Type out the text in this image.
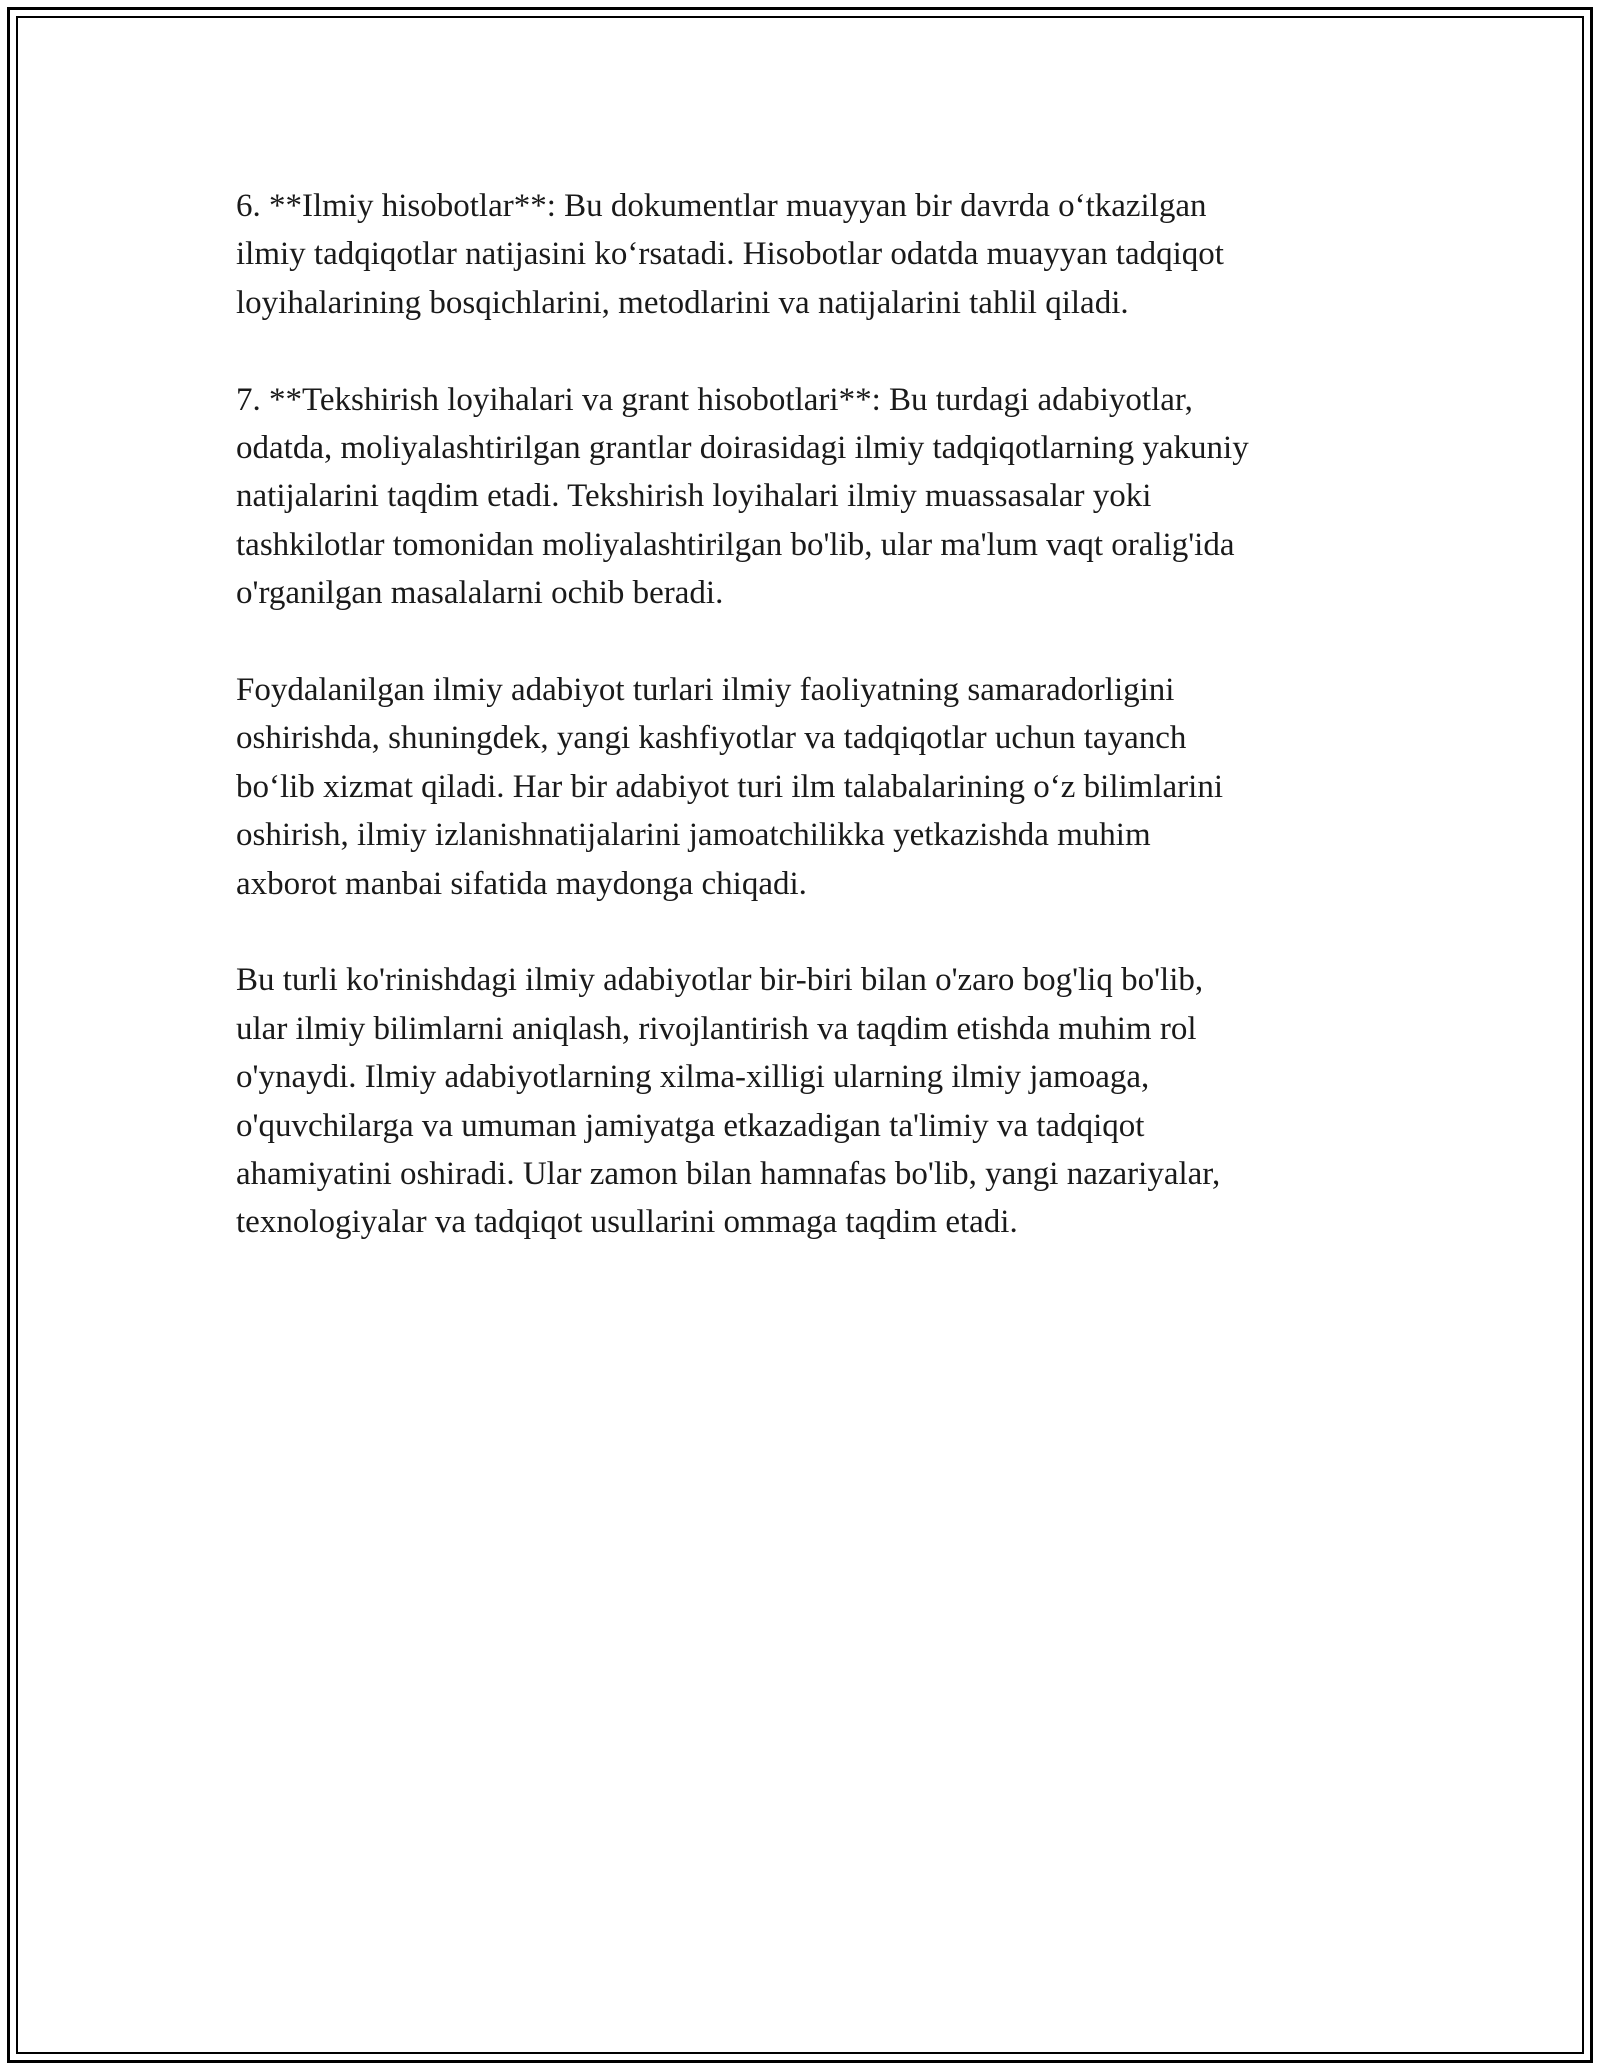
6. **Ilmiy hisobotlar**: Bu dokumentlar muayyan bir davrda o‘tkazilgan
ilmiy tadqiqotlar natijasini ko‘rsatadi. Hisobotlar odatda muayyan tadqiqot
loyihalarining bosqichlarini, metodlarini va natijalarini tahlil qiladi.

7. **Tekshirish loyihalari va grant hisobotlari**: Bu turdagi adabiyotlar,
odatda, moliyalashtirilgan grantlar doirasidagi ilmiy tadqiqotlarning yakuniy
natijalarini taqdim etadi. Tekshirish loyihalari ilmiy muassasalar yoki
tashkilotlar tomonidan moliyalashtirilgan bo'lib, ular ma'lum vaqt oralig'ida
o'rganilgan masalalarni ochib beradi.

Foydalanilgan ilmiy adabiyot turlari ilmiy faoliyatning samaradorligini
oshirishda, shuningdek, yangi kashfiyotlar va tadqiqotlar uchun tayanch
bo‘lib xizmat qiladi. Har bir adabiyot turi ilm talabalarining o‘z bilimlarini
oshirish, ilmiy izlanishnatijalarini jamoatchilikka yetkazishda muhim
axborot manbai sifatida maydonga chiqadi.

Bu turli ko'rinishdagi ilmiy adabiyotlar bir-biri bilan o'zaro bog'liq bo'lib,
ular ilmiy bilimlarni aniqlash, rivojlantirish va taqdim etishda muhim rol
o'ynaydi. Ilmiy adabiyotlarning xilma-xilligi ularning ilmiy jamoaga,
o'quvchilarga va umuman jamiyatga etkazadigan ta'limiy va tadqiqot
ahamiyatini oshiradi. Ular zamon bilan hamnafas bo'lib, yangi nazariyalar,
texnologiyalar va tadqiqot usullarini ommaga taqdim etadi.
